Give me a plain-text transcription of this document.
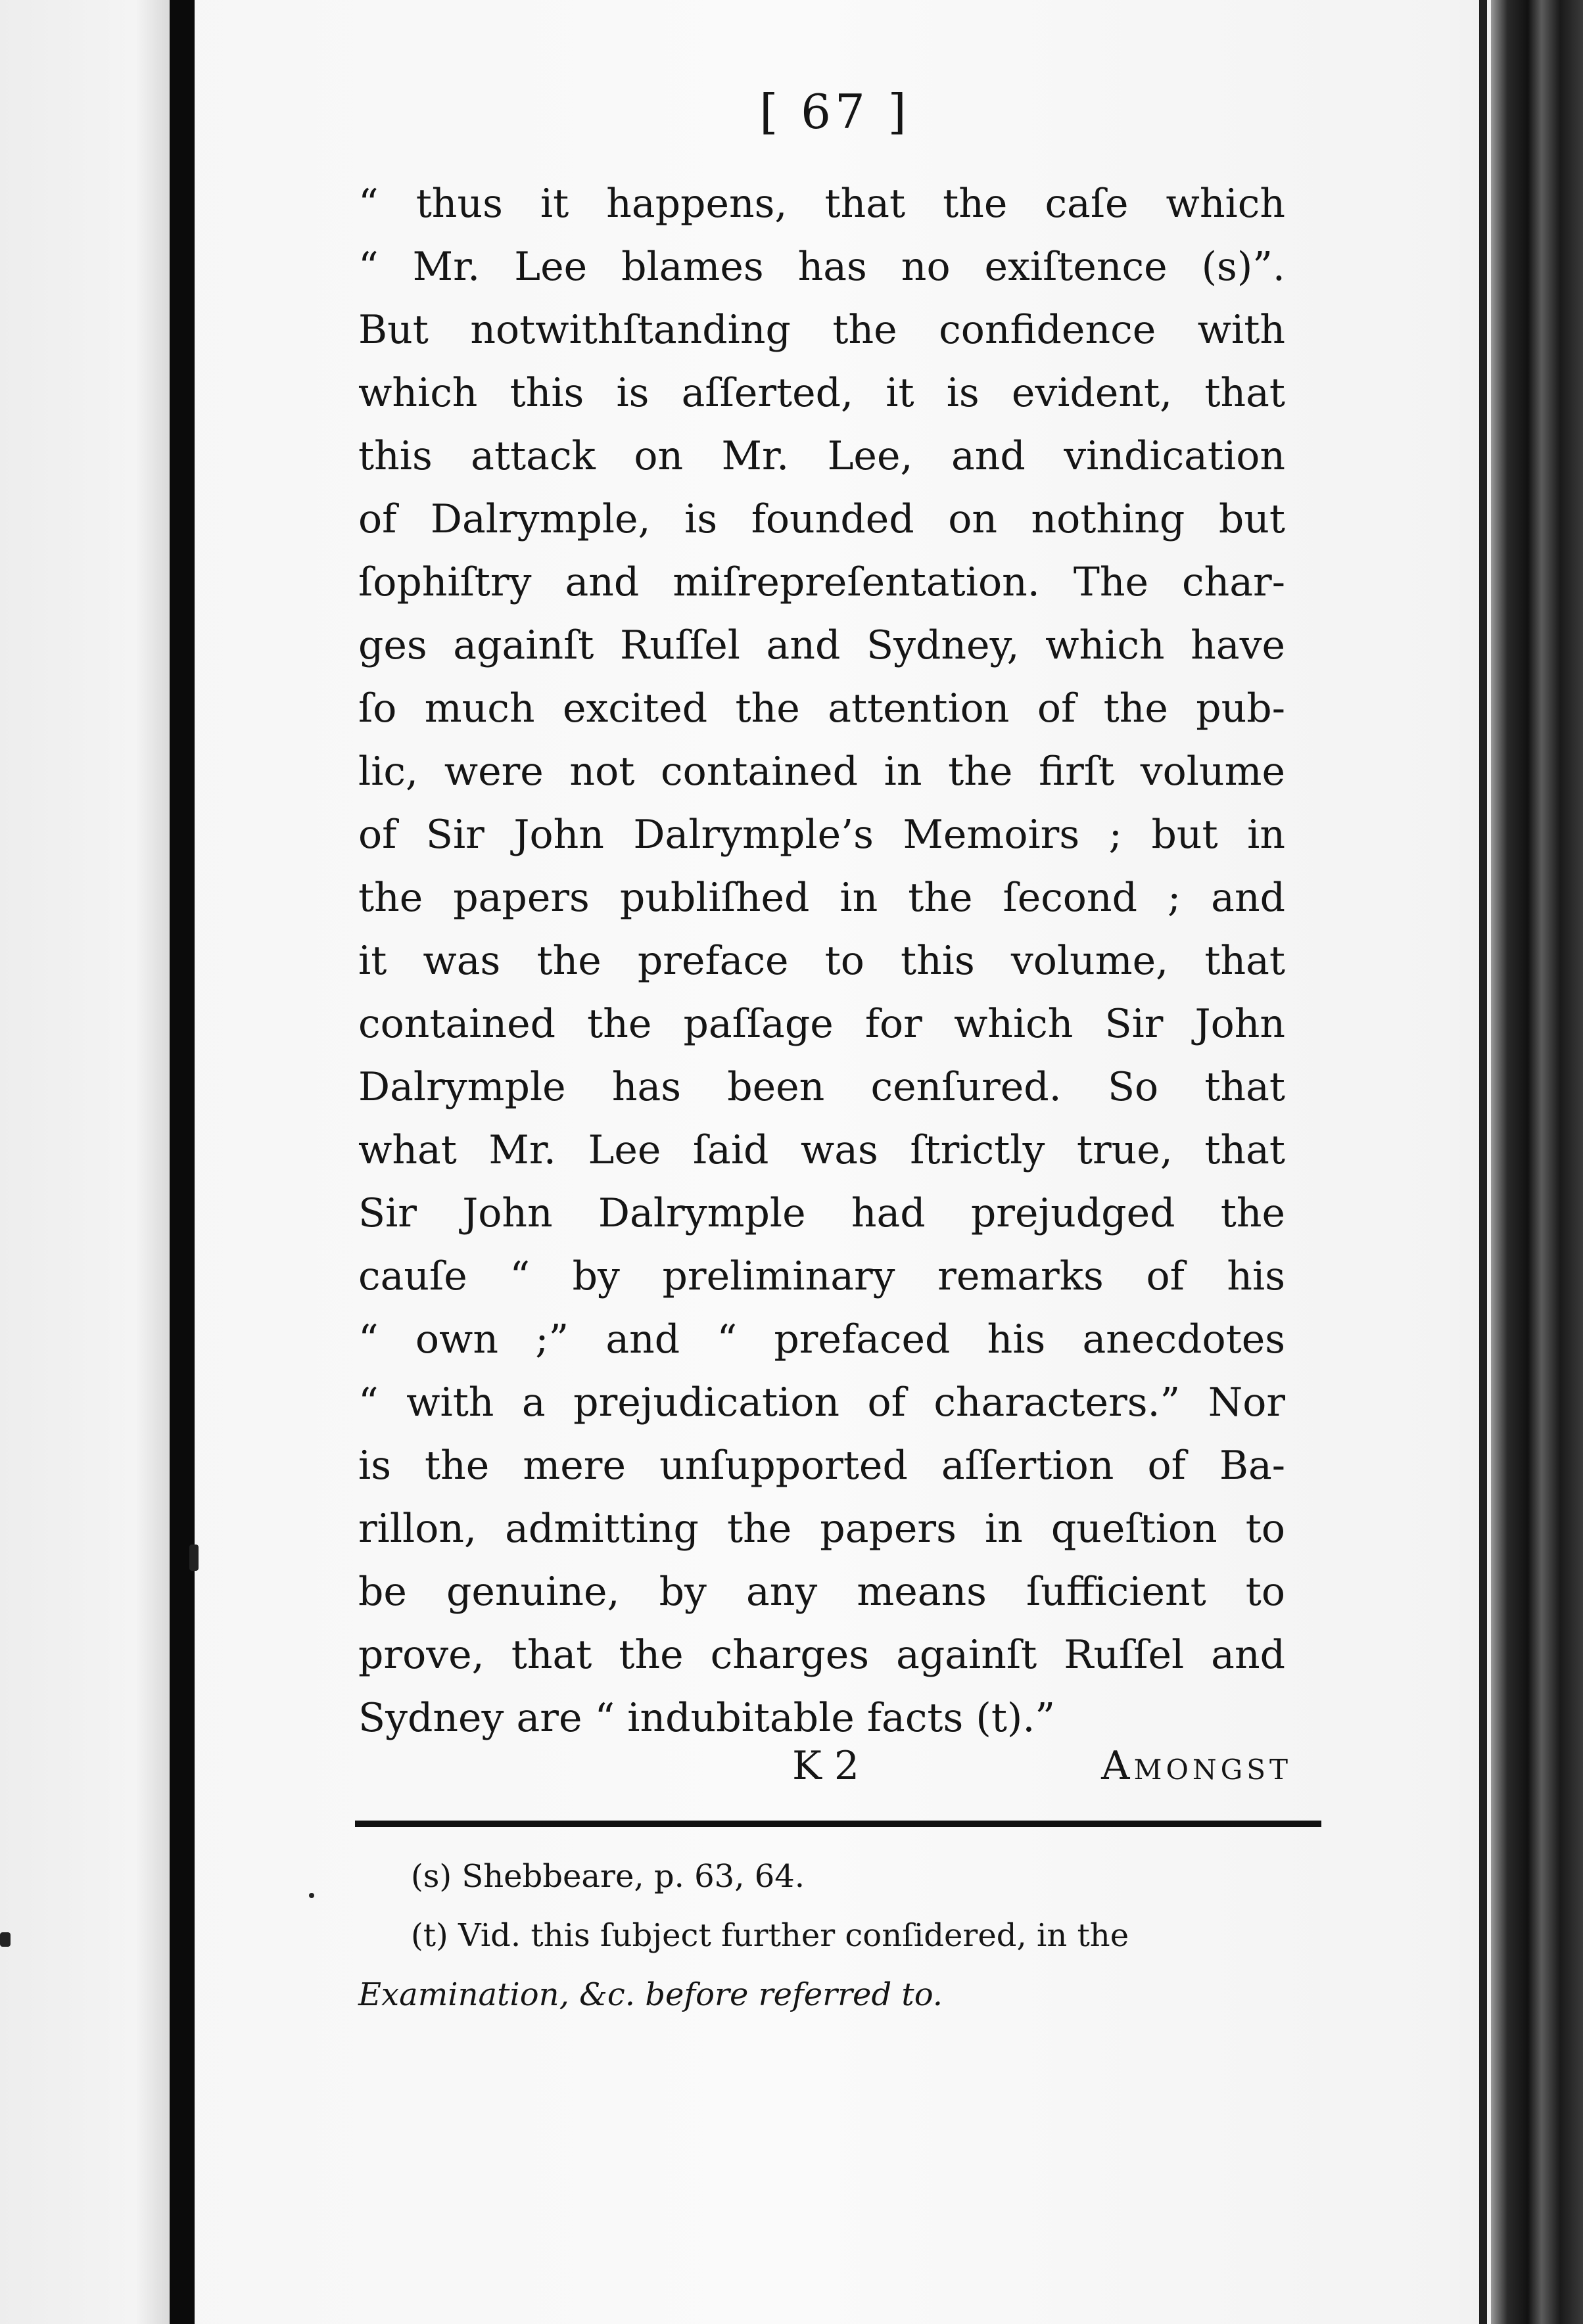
[ 67 ]
“ thus it happens, that the caſe which
“ Mr. Lee blames has no exiſtence (s)”.
But notwithſtanding the confidence with
which this is aſſerted, it is evident, that
this attack on Mr. Lee, and vindication
of Dalrymple, is founded on nothing but
ſophiſtry and miſrepreſentation. The char-
ges againſt Ruſſel and Sydney, which have
ſo much excited the attention of the pub-
lic, were not contained in the firſt volume
of Sir John Dalrymple’s Memoirs ; but in
the papers publiſhed in the ſecond ; and
it was the preface to this volume, that
contained the paſſage for which Sir John
Dalrymple has been cenſured. So that
what Mr. Lee ſaid was ſtrictly true, that
Sir John Dalrymple had prejudged the
cauſe “ by preliminary remarks of his
“ own ;” and “ prefaced his anecdotes
“ with a prejudication of characters.” Nor
is the mere unſupported aſſertion of Ba-
rillon, admitting the papers in queſtion to
be genuine, by any means ſufficient to
prove, that the charges againſt Ruſſel and
Sydney are “ indubitable facts (t).”
K 2	Amongst
(s) Shebbeare, p. 63, 64.
(t) Vid. this ſubject further conſidered, in the
Examination, &c. before referred to.
